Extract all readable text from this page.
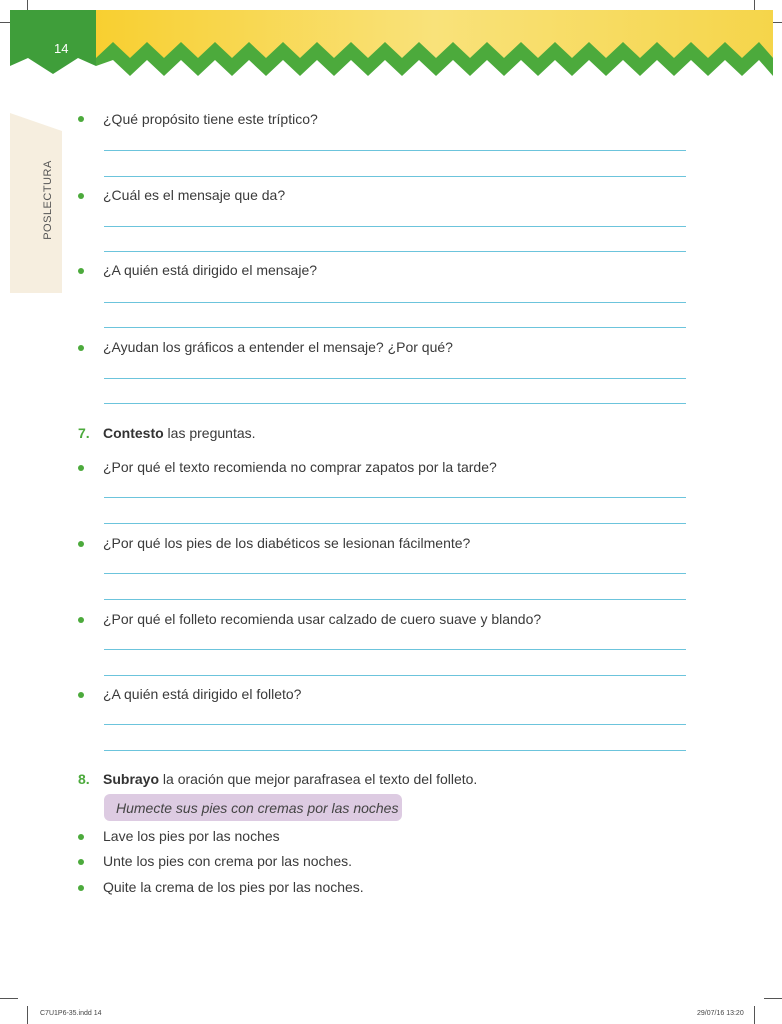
14
POSLECTURA
¿Qué propósito tiene este tríptico?
¿Cuál es el mensaje que da?
¿A quién está dirigido el mensaje?
¿Ayudan los gráficos a entender el mensaje? ¿Por qué?
7. Contesto las preguntas.
¿Por qué el texto recomienda no comprar zapatos por la tarde?
¿Por qué los pies de los diabéticos se lesionan fácilmente?
¿Por qué el folleto recomienda usar calzado de cuero suave y blando?
¿A quién está dirigido el folleto?
8. Subrayo la oración que mejor parafrasea el texto del folleto.
Humecte sus pies con cremas por las noches
Lave los pies por las noches
Unte los pies con crema por las noches.
Quite la crema de los pies por las noches.
C7U1P6-35.indd 14	29/07/16 13:20
